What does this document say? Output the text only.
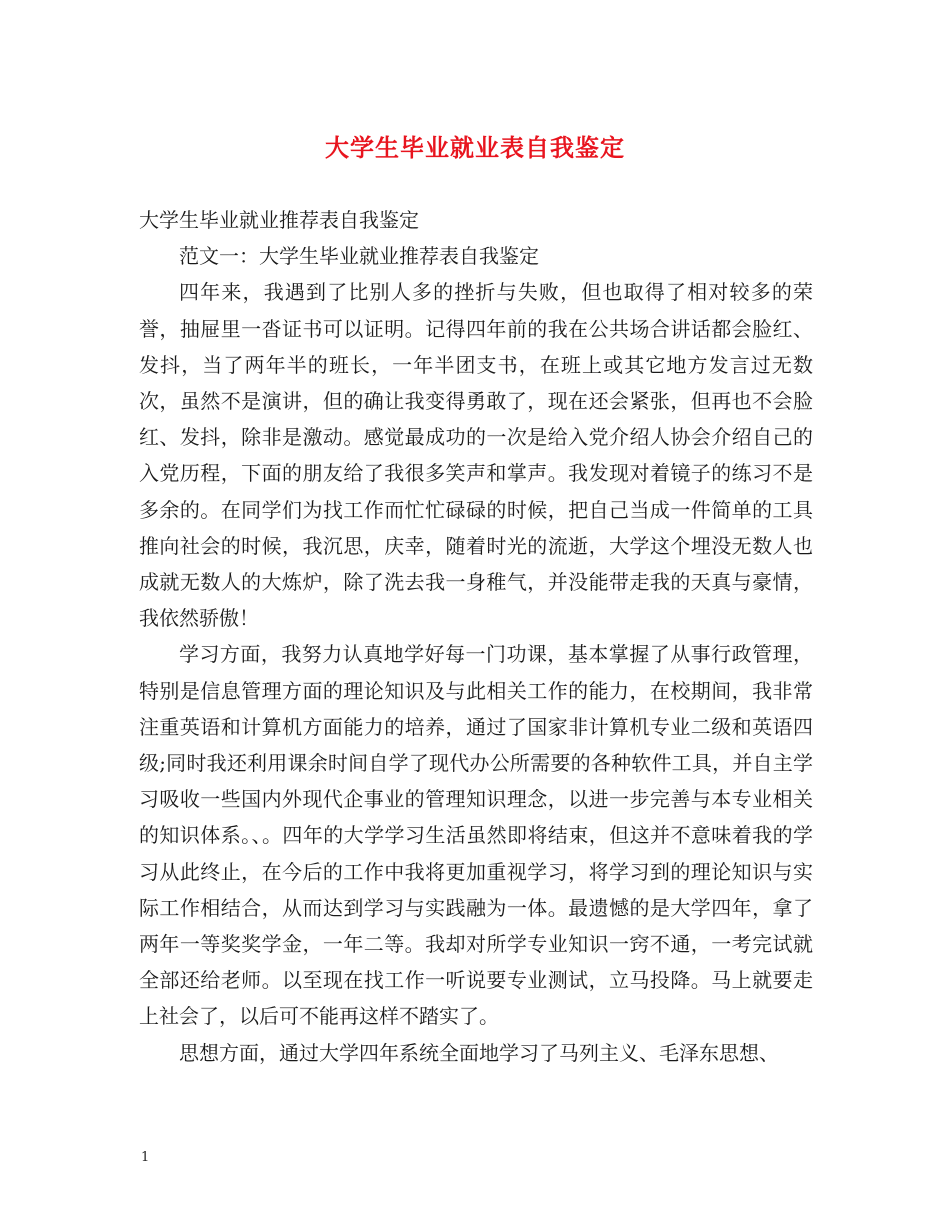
大学生毕业就业表自我鉴定

大学生毕业就业推荐表自我鉴定

范文一：大学生毕业就业推荐表自我鉴定

四年来，我遇到了比别人多的挫折与失败，但也取得了相对较多的荣誉，抽屉里一沓证书可以证明。记得四年前的我在公共场合讲话都会脸红、发抖，当了两年半的班长，一年半团支书，在班上或其它地方发言过无数次，虽然不是演讲，但的确让我变得勇敢了，现在还会紧张，但再也不会脸红、发抖，除非是激动。感觉最成功的一次是给入党介绍人协会介绍自己的入党历程，下面的朋友给了我很多笑声和掌声。我发现对着镜子的练习不是多余的。在同学们为找工作而忙忙碌碌的时候，把自己当成一件简单的工具推向社会的时候，我沉思，庆幸，随着时光的流逝，大学这个埋没无数人也成就无数人的大炼炉，除了洗去我一身稚气，并没能带走我的天真与豪情，我依然骄傲！

学习方面，我努力认真地学好每一门功课，基本掌握了从事行政管理，特别是信息管理方面的理论知识及与此相关工作的能力，在校期间，我非常注重英语和计算机方面能力的培养，通过了国家非计算机专业二级和英语四级;同时我还利用课余时间自学了现代办公所需要的各种软件工具，并自主学习吸收一些国内外现代企事业的管理知识理念，以进一步完善与本专业相关的知识体系。、。四年的大学学习生活虽然即将结束，但这并不意味着我的学习从此终止，在今后的工作中我将更加重视学习，将学习到的理论知识与实际工作相结合，从而达到学习与实践融为一体。最遗憾的是大学四年，拿了两年一等奖奖学金，一年二等。我却对所学专业知识一窍不通，一考完试就全部还给老师。以至现在找工作一听说要专业测试，立马投降。马上就要走上社会了，以后可不能再这样不踏实了。

思想方面，通过大学四年系统全面地学习了马列主义、毛泽东思想、

1
